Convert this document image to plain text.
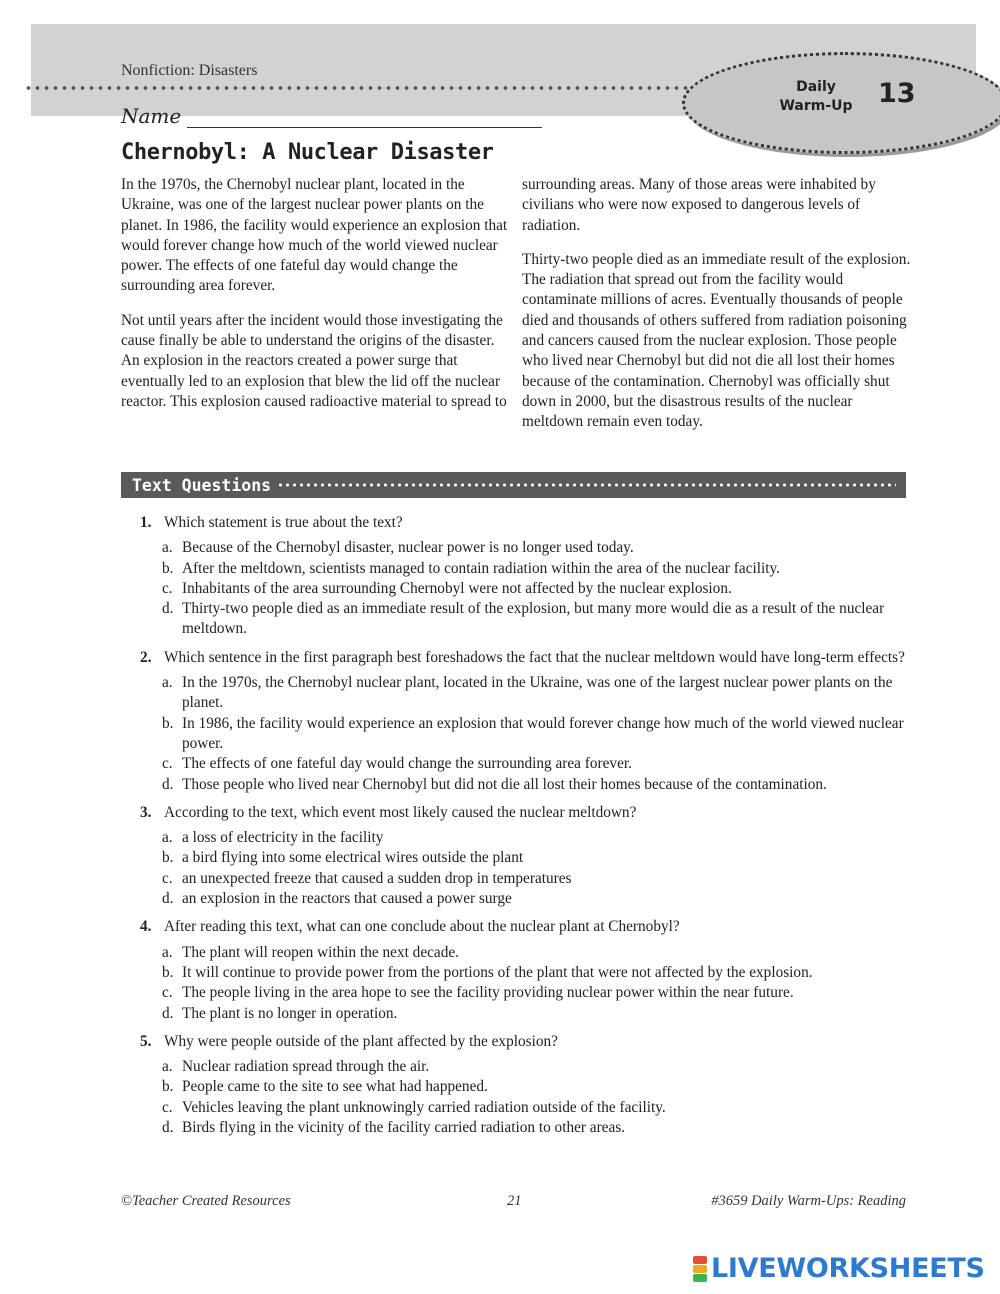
Nonfiction: Disasters
Daily Warm-Up 13
Name
Chernobyl: A Nuclear Disaster

In the 1970s, the Chernobyl nuclear plant, located in the Ukraine, was one of the largest nuclear power plants on the planet. In 1986, the facility would experience an explosion that would forever change how much of the world viewed nuclear power. The effects of one fateful day would change the surrounding area forever.

Not until years after the incident would those investigating the cause finally be able to understand the origins of the disaster. An explosion in the reactors created a power surge that eventually led to an explosion that blew the lid off the nuclear reactor. This explosion caused radioactive material to spread to

surrounding areas. Many of those areas were inhabited by civilians who were now exposed to dangerous levels of radiation.

Thirty-two people died as an immediate result of the explosion. The radiation that spread out from the facility would contaminate millions of acres. Eventually thousands of people died and thousands of others suffered from radiation poisoning and cancers caused from the nuclear explosion. Those people who lived near Chernobyl but did not die all lost their homes because of the contamination. Chernobyl was officially shut down in 2000, but the disastrous results of the nuclear meltdown remain even today.

Text Questions
1. Which statement is true about the text?
a. Because of the Chernobyl disaster, nuclear power is no longer used today.
b. After the meltdown, scientists managed to contain radiation within the area of the nuclear facility.
c. Inhabitants of the area surrounding Chernobyl were not affected by the nuclear explosion.
d. Thirty-two people died as an immediate result of the explosion, but many more would die as a result of the nuclear meltdown.
2. Which sentence in the first paragraph best foreshadows the fact that the nuclear meltdown would have long-term effects?
a. In the 1970s, the Chernobyl nuclear plant, located in the Ukraine, was one of the largest nuclear power plants on the planet.
b. In 1986, the facility would experience an explosion that would forever change how much of the world viewed nuclear power.
c. The effects of one fateful day would change the surrounding area forever.
d. Those people who lived near Chernobyl but did not die all lost their homes because of the contamination.
3. According to the text, which event most likely caused the nuclear meltdown?
a. a loss of electricity in the facility
b. a bird flying into some electrical wires outside the plant
c. an unexpected freeze that caused a sudden drop in temperatures
d. an explosion in the reactors that caused a power surge
4. After reading this text, what can one conclude about the nuclear plant at Chernobyl?
a. The plant will reopen within the next decade.
b. It will continue to provide power from the portions of the plant that were not affected by the explosion.
c. The people living in the area hope to see the facility providing nuclear power within the near future.
d. The plant is no longer in operation.
5. Why were people outside of the plant affected by the explosion?
a. Nuclear radiation spread through the air.
b. People came to the site to see what had happened.
c. Vehicles leaving the plant unknowingly carried radiation outside of the facility.
d. Birds flying in the vicinity of the facility carried radiation to other areas.
©Teacher Created Resources	21	#3659 Daily Warm-Ups: Reading
LIVEWORKSHEETS
